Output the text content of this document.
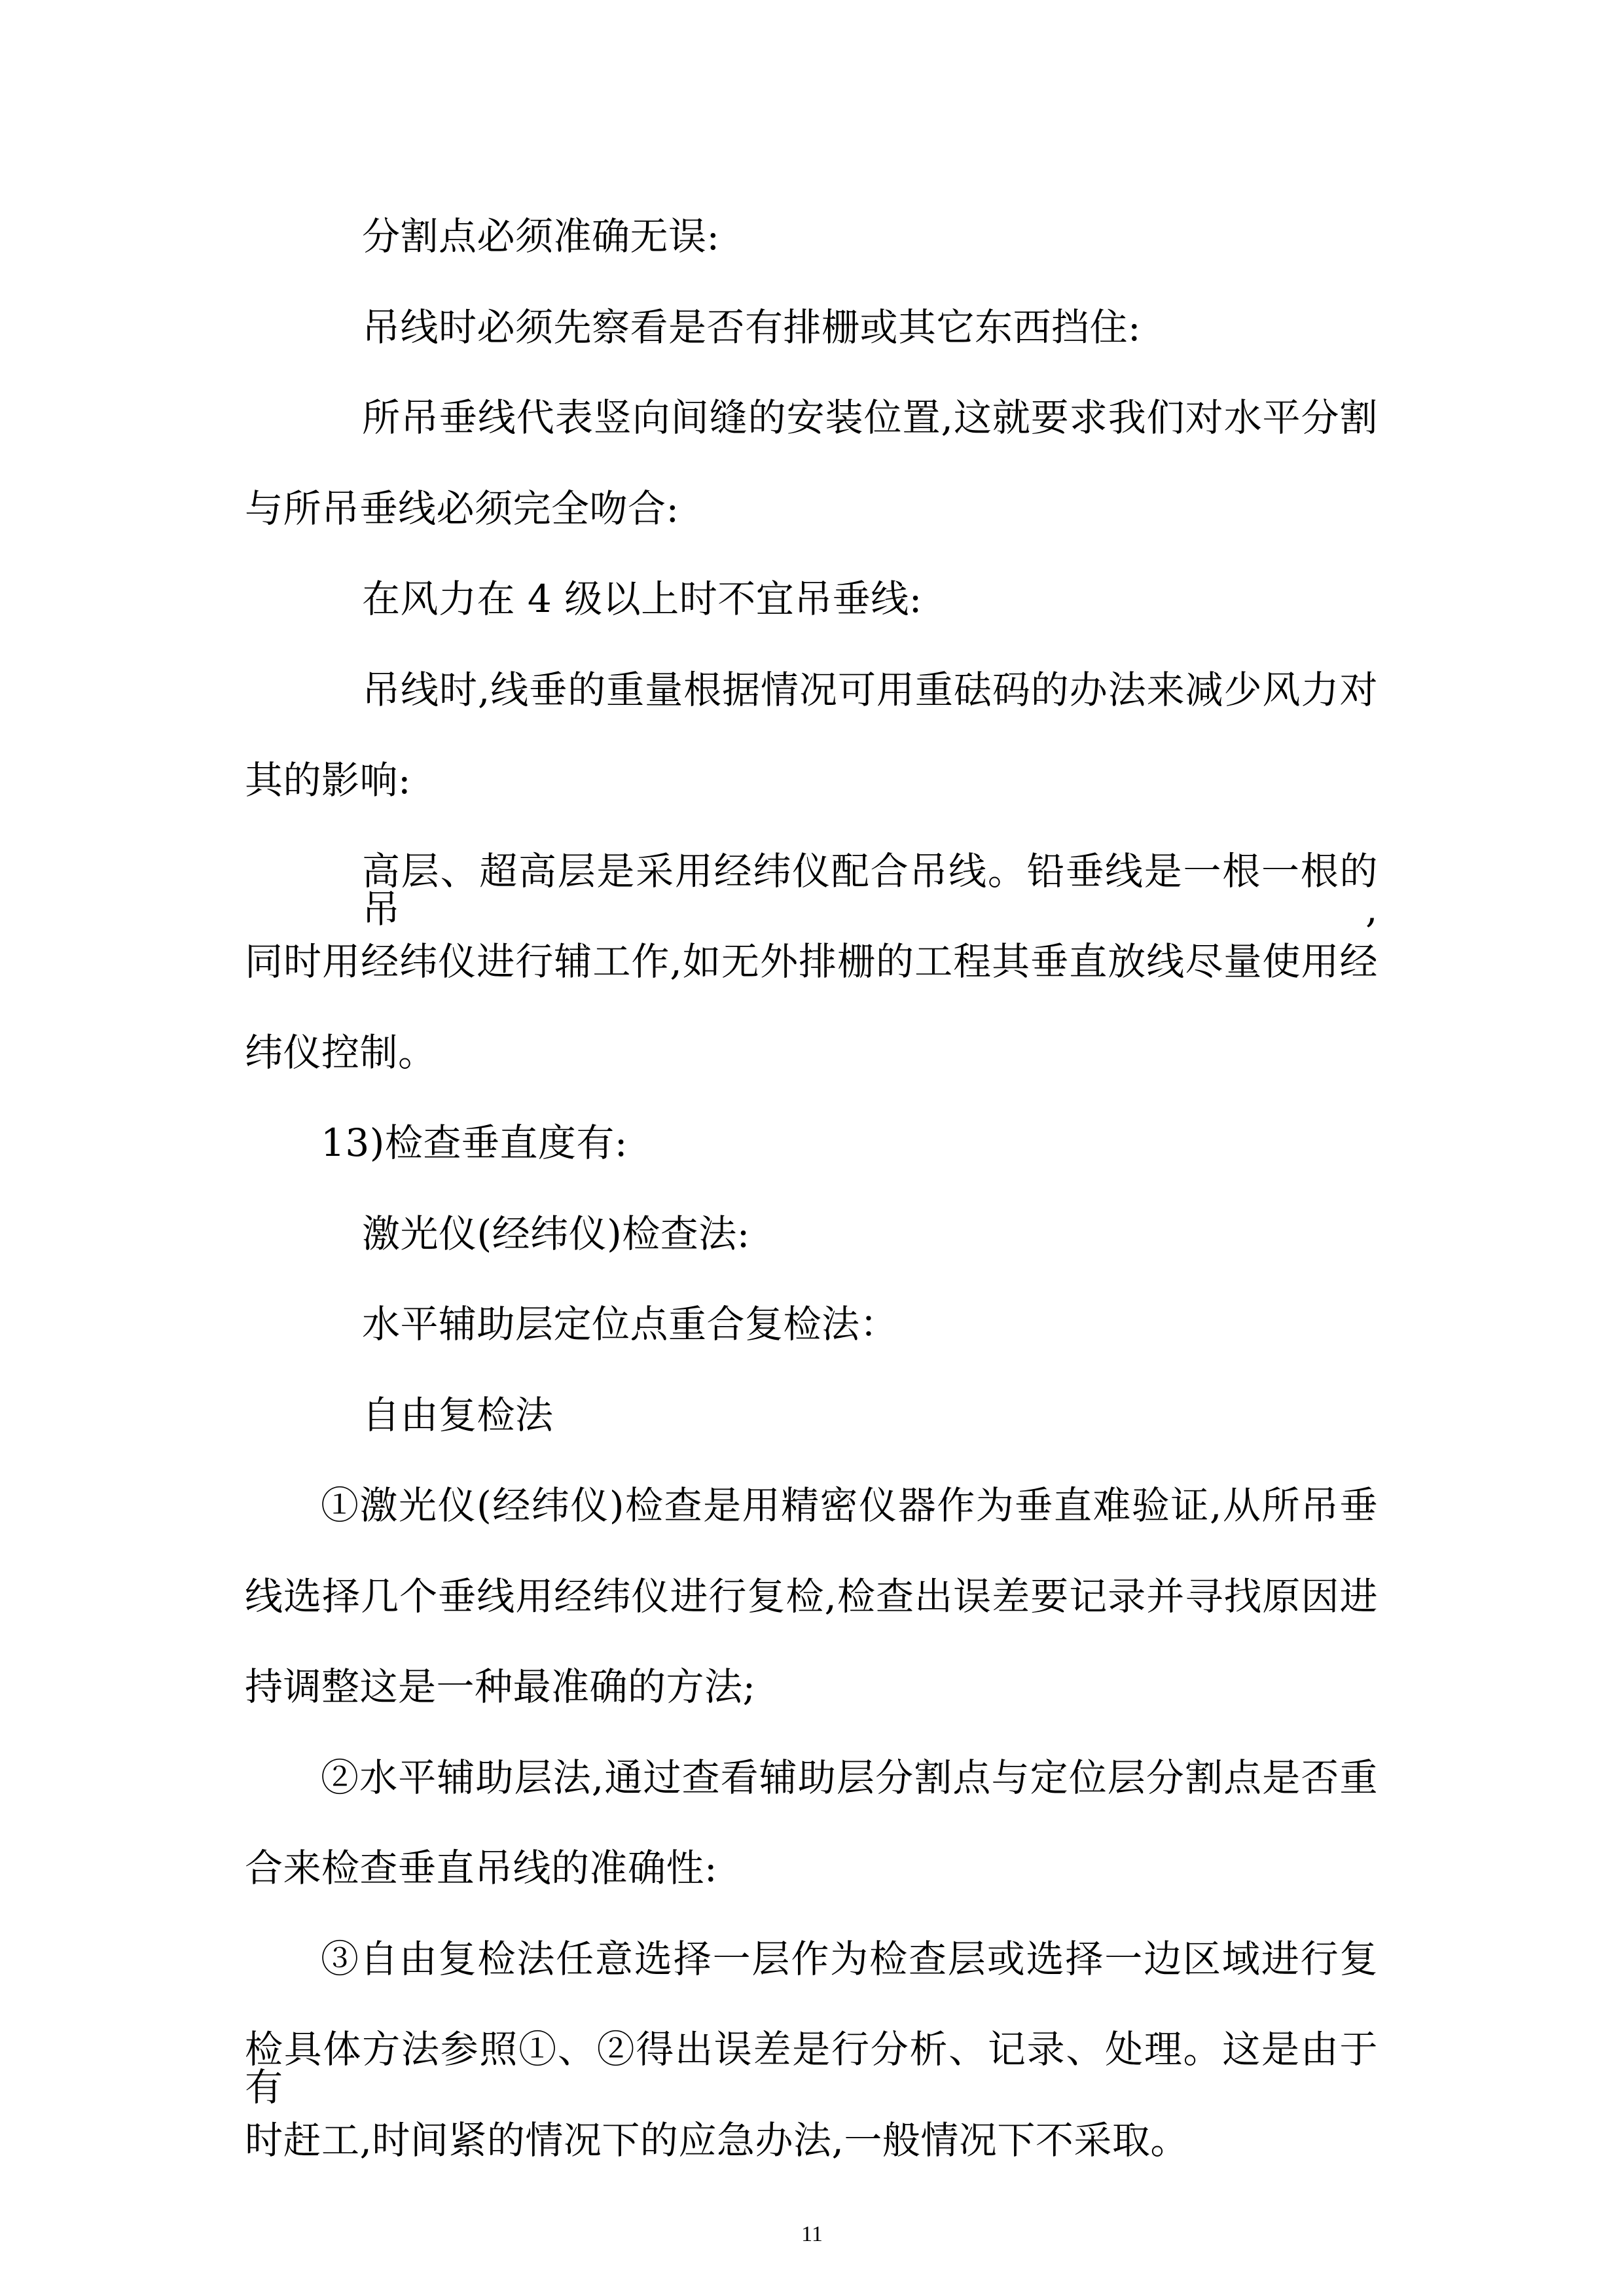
分割点必须准确无误:
吊线时必须先察看是否有排栅或其它东西挡住:
所吊垂线代表竖向间缝的安装位置,这就要求我们对水平分割
与所吊垂线必须完全吻合:
在风力在 4 级以上时不宜吊垂线:
吊线时,线垂的重量根据情况可用重砝码的办法来减少风力对
其的影响:
高层、超高层是采用经纬仪配合吊线。铅垂线是一根一根的吊,
同时用经纬仪进行辅工作,如无外排栅的工程其垂直放线尽量使用经
纬仪控制。
13)检查垂直度有:
激光仪(经纬仪)检查法:
水平辅助层定位点重合复检法：
自由复检法
①激光仪(经纬仪)检查是用精密仪器作为垂直难验证,从所吊垂
线选择几个垂线用经纬仪进行复检,检查出误差要记录并寻找原因进
持调整这是一种最准确的方法;
②水平辅助层法,通过查看辅助层分割点与定位层分割点是否重
合来检查垂直吊线的准确性:
③自由复检法任意选择一层作为检查层或选择一边区域进行复
检具体方法参照①、②得出误差是行分析、记录、处理。这是由于有
时赶工,时间紧的情况下的应急办法,一般情况下不采取。
11
